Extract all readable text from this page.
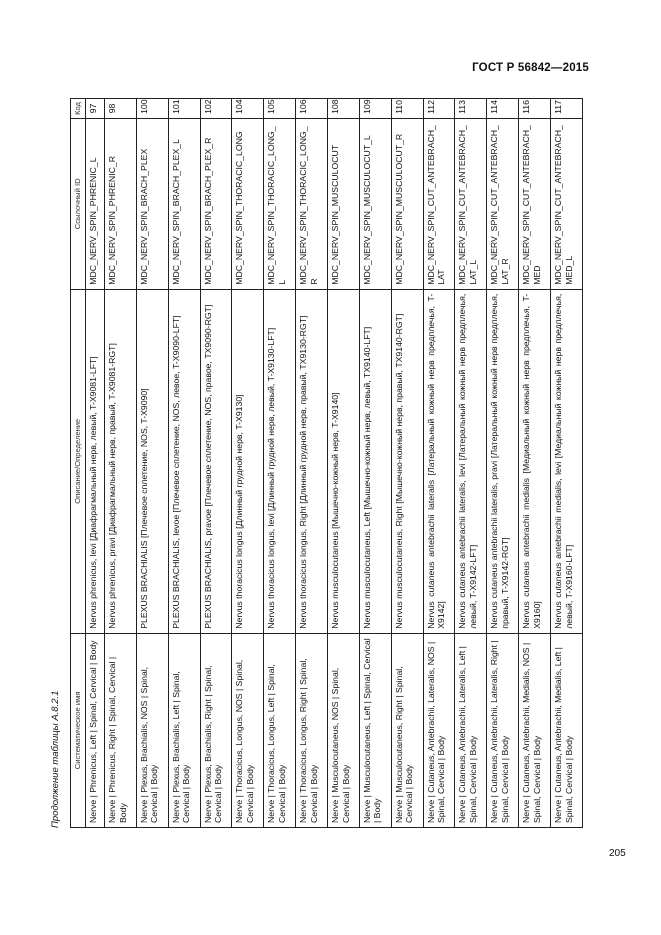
ГОСТ Р 56842—2015
Продолжение таблицы А.8.2.1 Систематическое имя	Описание/Определение	Ссылочный ID	Код
Nerve | Phrenicus, Left | Spinal, Cervical | Body	Nervus phrenicus, levi [Диафрагмальный нерв, левый, T-X9081-LFT]	MDC_NERV_SPIN_PHRENIC_L	97
Nerve | Phrenicus, Right | Spinal, Cervical | Body	Nervus phrenicus, pravi [Диафрагмальный нерв, правый, T-X9081-RGT]	MDC_NERV_SPIN_PHRENIC_R	98
Nerve | Plexus, Brachialis, NOS | Spinal, Cervical | Body	PLEXUS BRACHIALIS [Плечевое сплетение, NOS, T-X9090]	MDC_NERV_SPIN_BRACH_PLEX	100
Nerve | Plexus, Brachialis, Left | Spinal, Cervical | Body	PLEXUS BRACHIALIS, levoe [Плечевое сплетение, NOS, левое, T-X9090-LFT]	MDC_NERV_SPIN_BRACH_PLEX_L	101
Nerve | Plexus, Brachialis, Right | Spinal, Cervical | Body	PLEXUS BRACHIALIS, pravoe [Плечевое сплетение, NOS, правое, TX9090-RGT]	MDC_NERV_SPIN_BRACH_PLEX_R	102
Nerve | Thoracicus, Longus, NOS | Spinal, Cervical | Body	Nervus thoracicus longus [Длинный грудной нерв, T-X9130]	MDC_NERV_SPIN_THORACIC_LONG	104
Nerve | Thoracicus, Longus, Left | Spinal, Cervical | Body	Nervus thoracicus longus, levi [Длинный грудной нерв, левый, T-X9130-LFT]	MDC_NERV_SPIN_THORACIC_LONG_L	105
Nerve | Thoracicus, Longus, Right | Spinal, Cervical | Body	Nervus thoracicus longus, Right [Длинный грудной нерв, правый, TX9130-RGT]	MDC_NERV_SPIN_THORACIC_LONG_R	106
Nerve | Musculocutaneus, NOS | Spinal, Cervical | Body	Nervus musculocutaneus [Мышечно-кожный нерв, T-X9140]	MDC_NERV_SPIN_MUSCULOCUT	108
Nerve | Musculocutaneus, Left | Spinal, Cervical | Body	Nervus musculocutaneus, Left [Мышечно-кожный нерв, левый, TX9140-LFT]	MDC_NERV_SPIN_MUSCULOCUT_L	109
Nerve | Musculocutaneus, Right | Spinal, Cervical | Body	Nervus musculocutaneus, Right [Мышечно-кожный нерв, правый, TX9140-RGT]	MDC_NERV_SPIN_MUSCULOCUT_R	110
Nerve | Cutaneus, Antebrachii, Lateralis, NOS | Spinal, Cervical | Body	Nervus cutaneus antebrachii lateralis [Латеральный кожный нерв предплечья, T-X9142]	MDC_NERV_SPIN_CUT_ANTEBRACH_LAT	112
Nerve | Cutaneus, Antebrachii, Lateralis, Left | Spinal, Cervical | Body	Nervus cutaneus antebrachii lateralis, levi [Латеральный кожный нерв предплечья, левый, T-X9142-LFT]	MDC_NERV_SPIN_CUT_ANTEBRACH_LAT_L	113
Nerve | Cutaneus, Antebrachii, Lateralis, Right | Spinal, Cervical | Body	Nervus cutaneus antebrachii lateralis, pravi [Латеральный кожный нерв предплечья, правый, T-X9142-RGT]	MDC_NERV_SPIN_CUT_ANTEBRACH_LAT_R	114
Nerve | Cutaneus, Antebrachii, Medialis, NOS | Spinal, Cervical | Body	Nervus cutaneus antebrachii medialis [Медиальный кожный нерв предплечья, T-X9160]	MDC_NERV_SPIN_CUT_ANTEBRACH_MED	116
Nerve | Cutaneus, Antebrachii, Medialis, Left | Spinal, Cervical | Body	Nervus cutaneus antebrachii medialis, levi [Медиальный кожный нерв предплечья, левый, T-X9160-LFT]	MDC_NERV_SPIN_CUT_ANTEBRACH_MED_L	117
205
